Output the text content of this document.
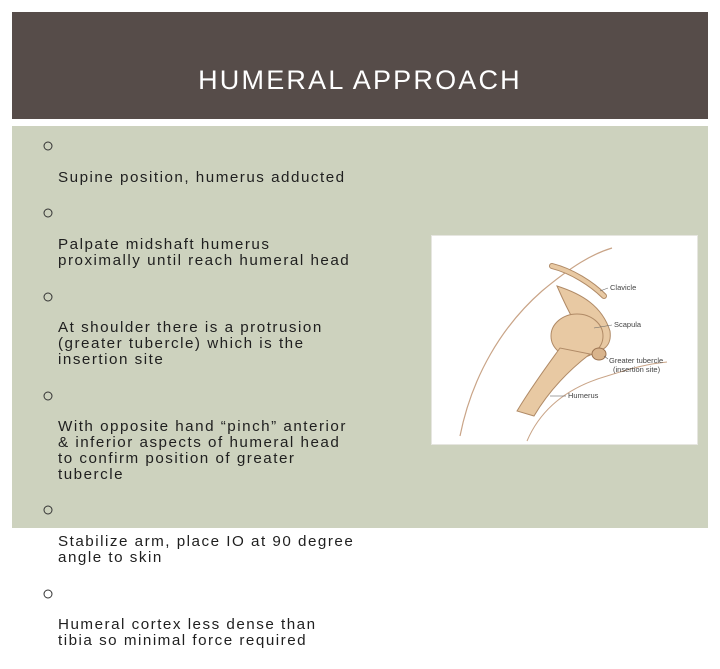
HUMERAL APPROACH

Supine position, humerus adducted

Palpate midshaft humerus
proximally until reach humeral head

At shoulder there is a protrusion
(greater tubercle) which is the
insertion site

With opposite hand “pinch” anterior
& inferior aspects of humeral head
to confirm position of greater
tubercle

Stabilize arm, place IO at 90 degree
angle to skin

Humeral cortex less dense than
tibia so minimal force required

Clavicle
Scapula
Greater tubercle
(insertion site)
Humerus
